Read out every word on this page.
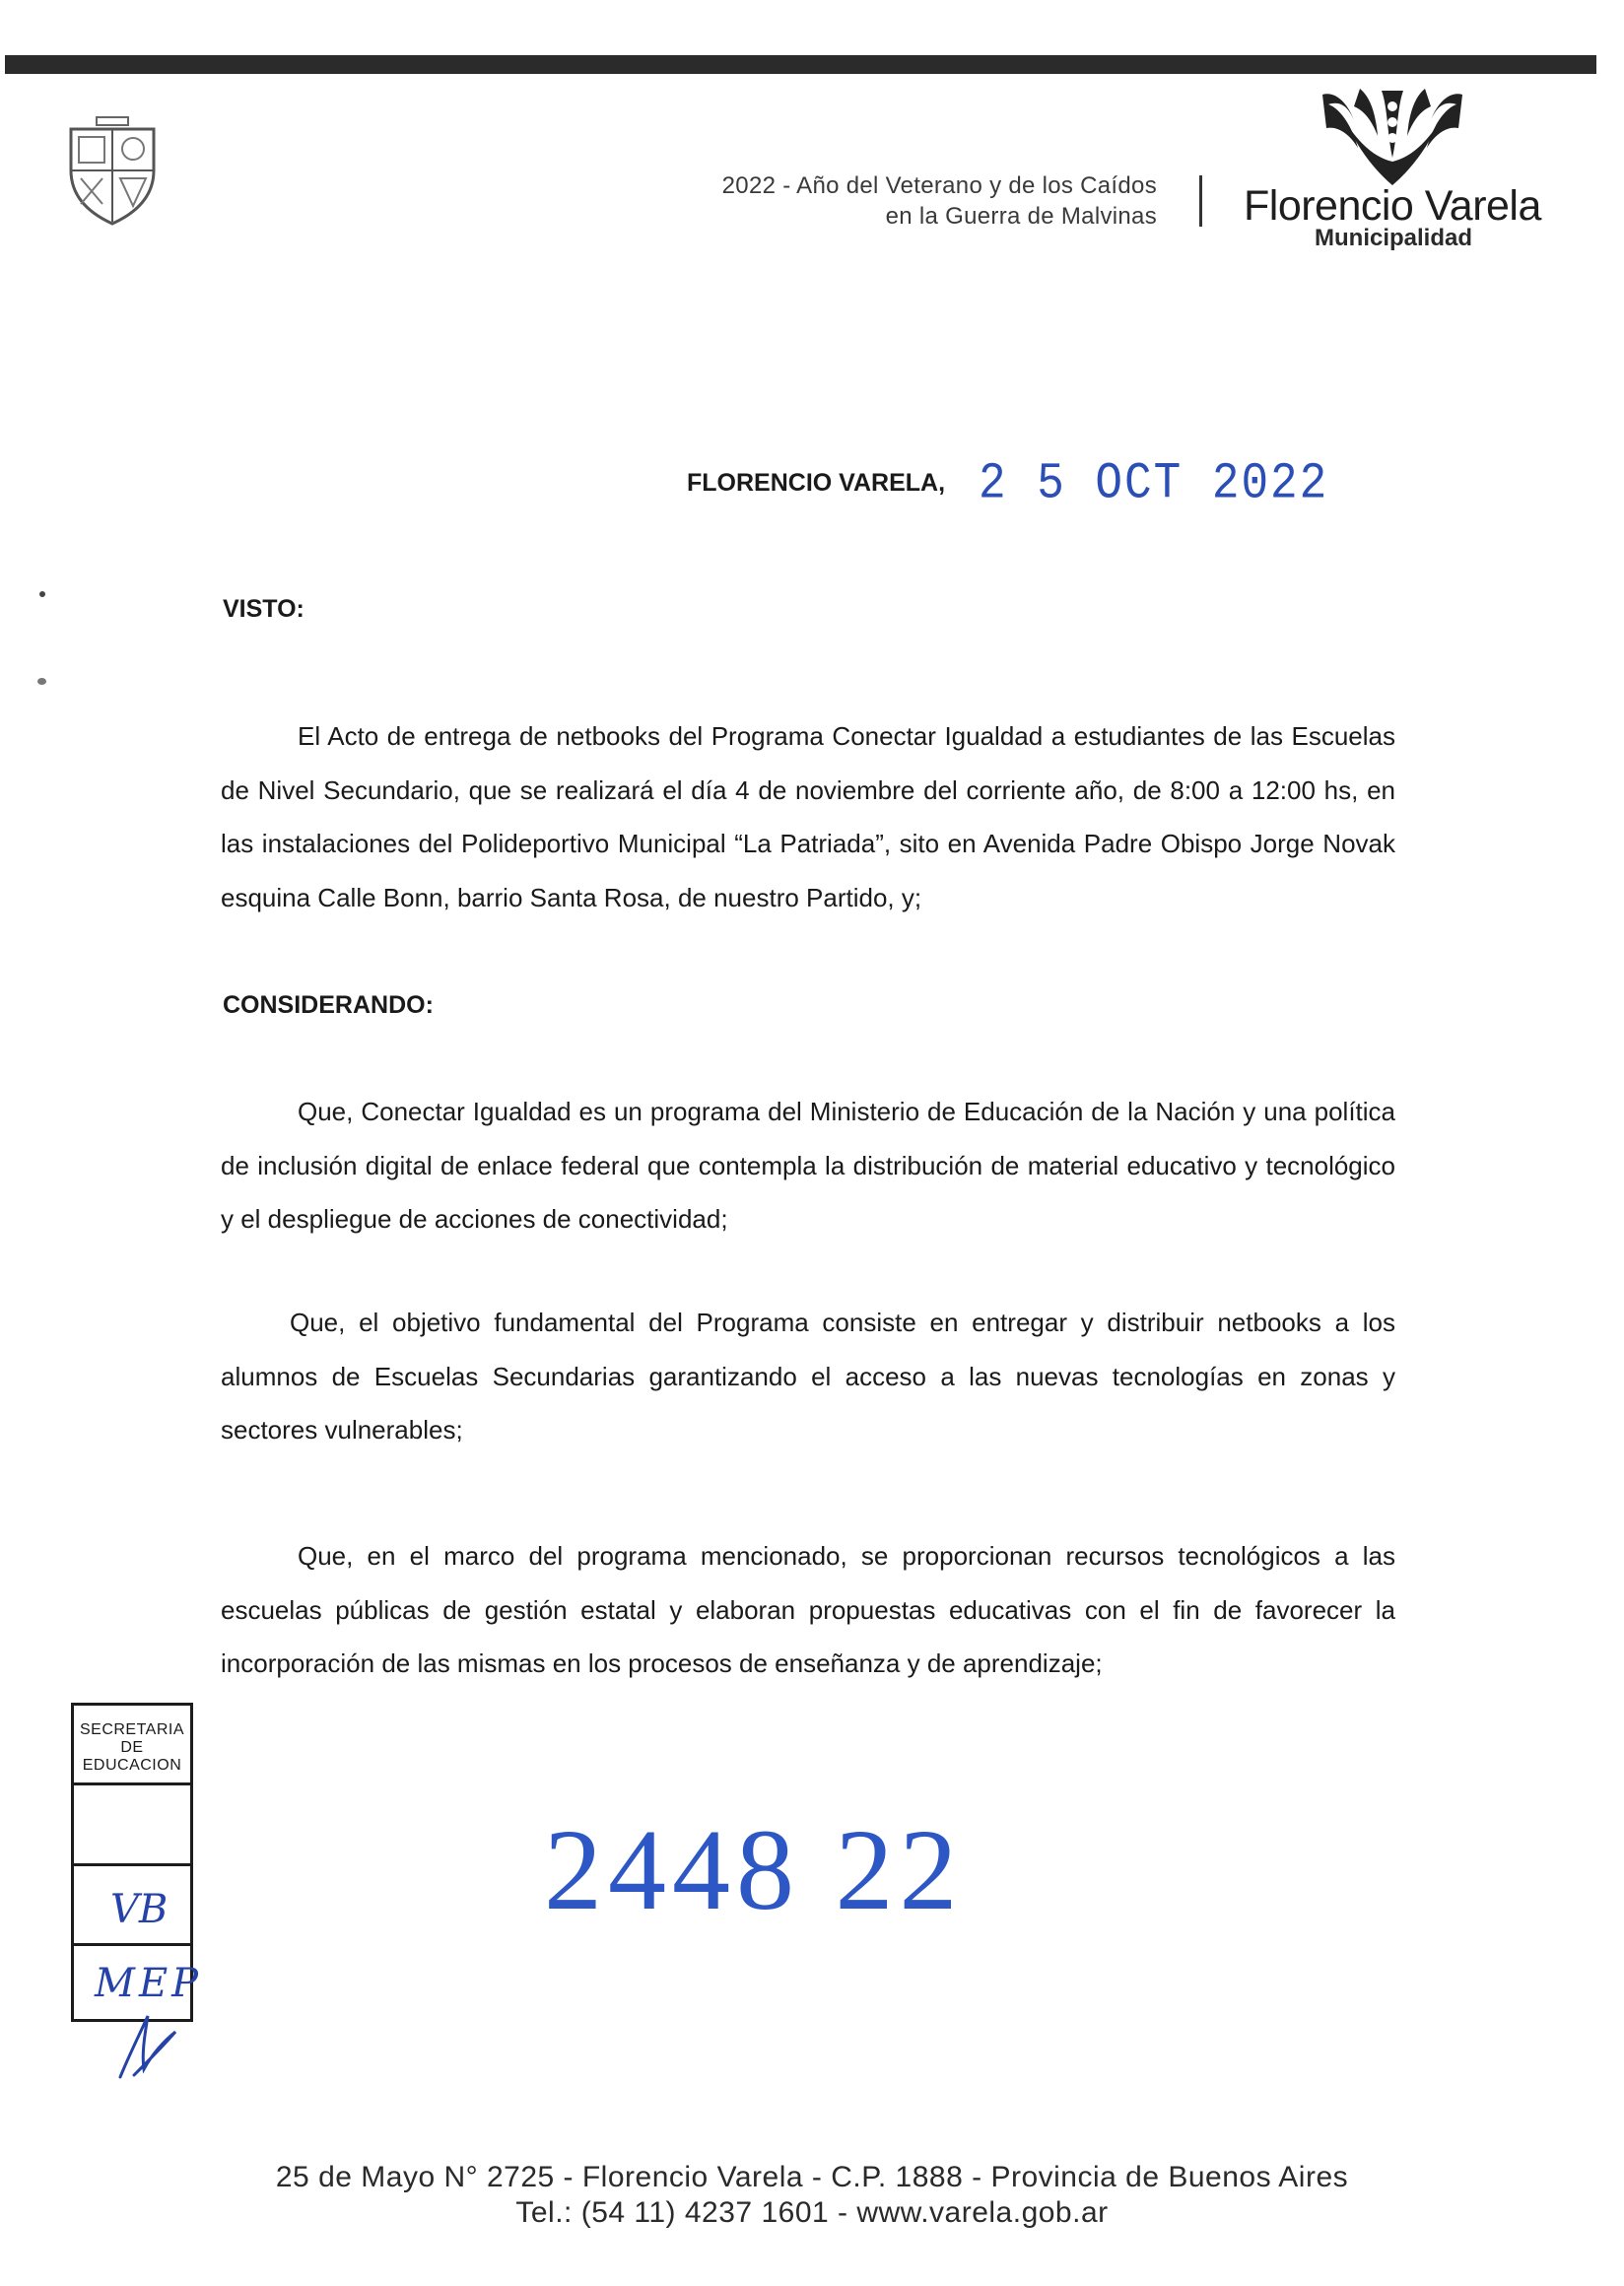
2022 - Año del Veterano y de los Caídos
en la Guerra de Malvinas Florencio Varela
Municipalidad
FLORENCIO VARELA, 2 5 OCT 2022
VISTO:

El Acto de entrega de netbooks del Programa Conectar Igualdad a estudiantes de las Escuelas de Nivel Secundario, que se realizará el día 4 de noviembre del corriente año, de 8:00 a 12:00 hs, en las instalaciones del Polideportivo Municipal “La Patriada”, sito en Avenida Padre Obispo Jorge Novak esquina Calle Bonn, barrio Santa Rosa, de nuestro Partido, y;

CONSIDERANDO:

Que, Conectar Igualdad es un programa del Ministerio de Educación de la Nación y una política de inclusión digital de enlace federal que contempla la distribución de material educativo y tecnológico y el despliegue de acciones de conectividad;

Que, el objetivo fundamental del Programa consiste en entregar y distribuir netbooks a los alumnos de Escuelas Secundarias garantizando el acceso a las nuevas tecnologías en zonas y sectores vulnerables;

Que, en el marco del programa mencionado, se proporcionan recursos tecnológicos a las escuelas públicas de gestión estatal y elaboran propuestas educativas con el fin de favorecer la incorporación de las mismas en los procesos de enseñanza y de aprendizaje;

SECRETARIA
DE EDUCACION
VB
MEP
2448 22
25 de Mayo N° 2725 - Florencio Varela - C.P. 1888 - Provincia de Buenos Aires
Tel.: (54 11) 4237 1601 - www.varela.gob.ar
